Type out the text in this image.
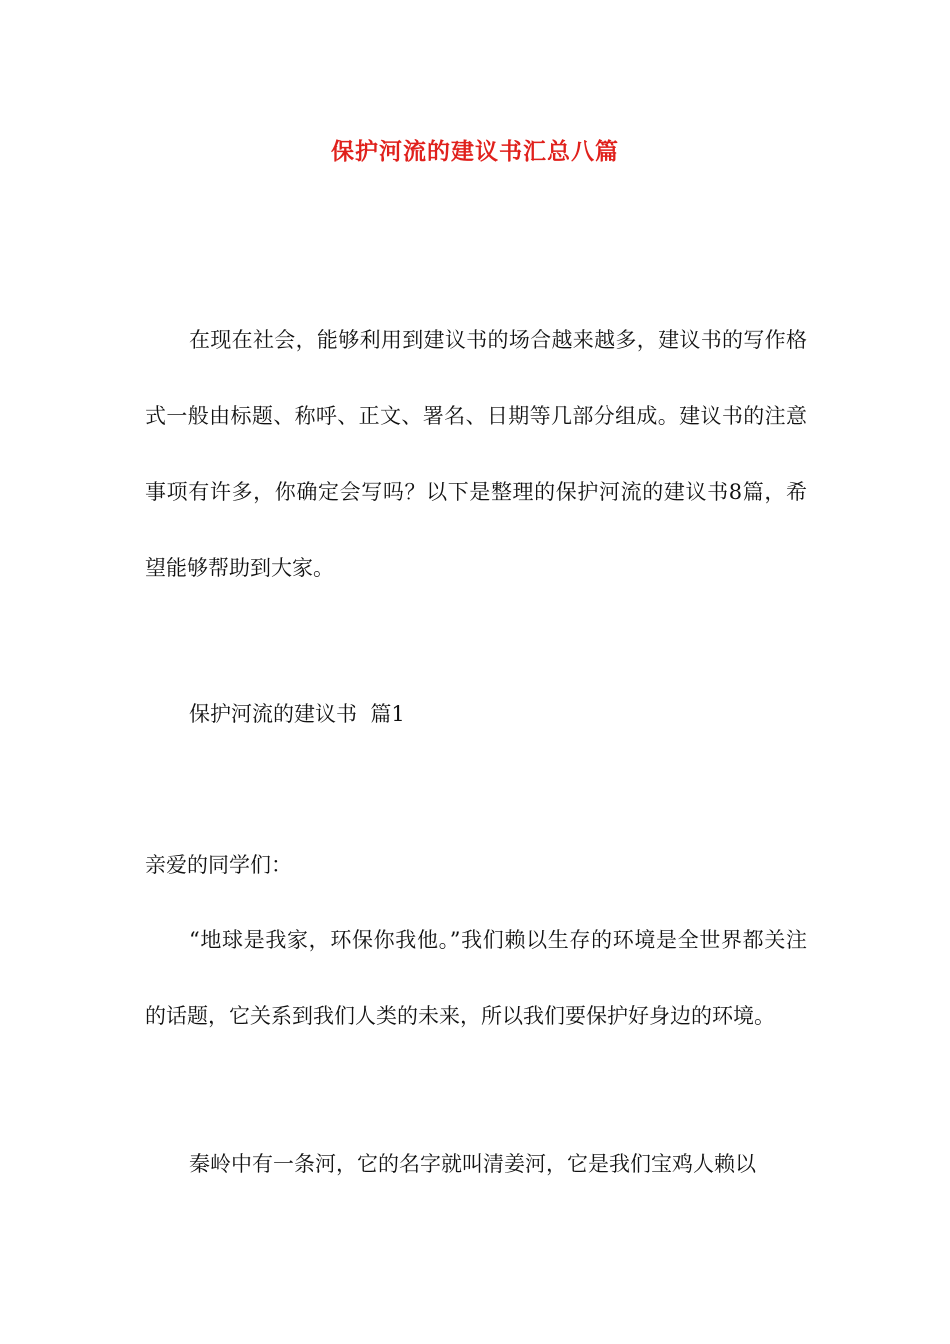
保护河流的建议书汇总八篇

在现在社会，能够利用到建议书的场合越来越多，建议书的写作格式一般由标题、称呼、正文、署名、日期等几部分组成。建议书的注意事项有许多，你确定会写吗？以下是整理的保护河流的建议书8篇，希望能够帮助到大家。

保护河流的建议书  篇1

亲爱的同学们：

“地球是我家，环保你我他。”我们赖以生存的环境是全世界都关注的话题，它关系到我们人类的未来，所以我们要保护好身边的环境。

秦岭中有一条河，它的名字就叫清姜河，它是我们宝鸡人赖以
